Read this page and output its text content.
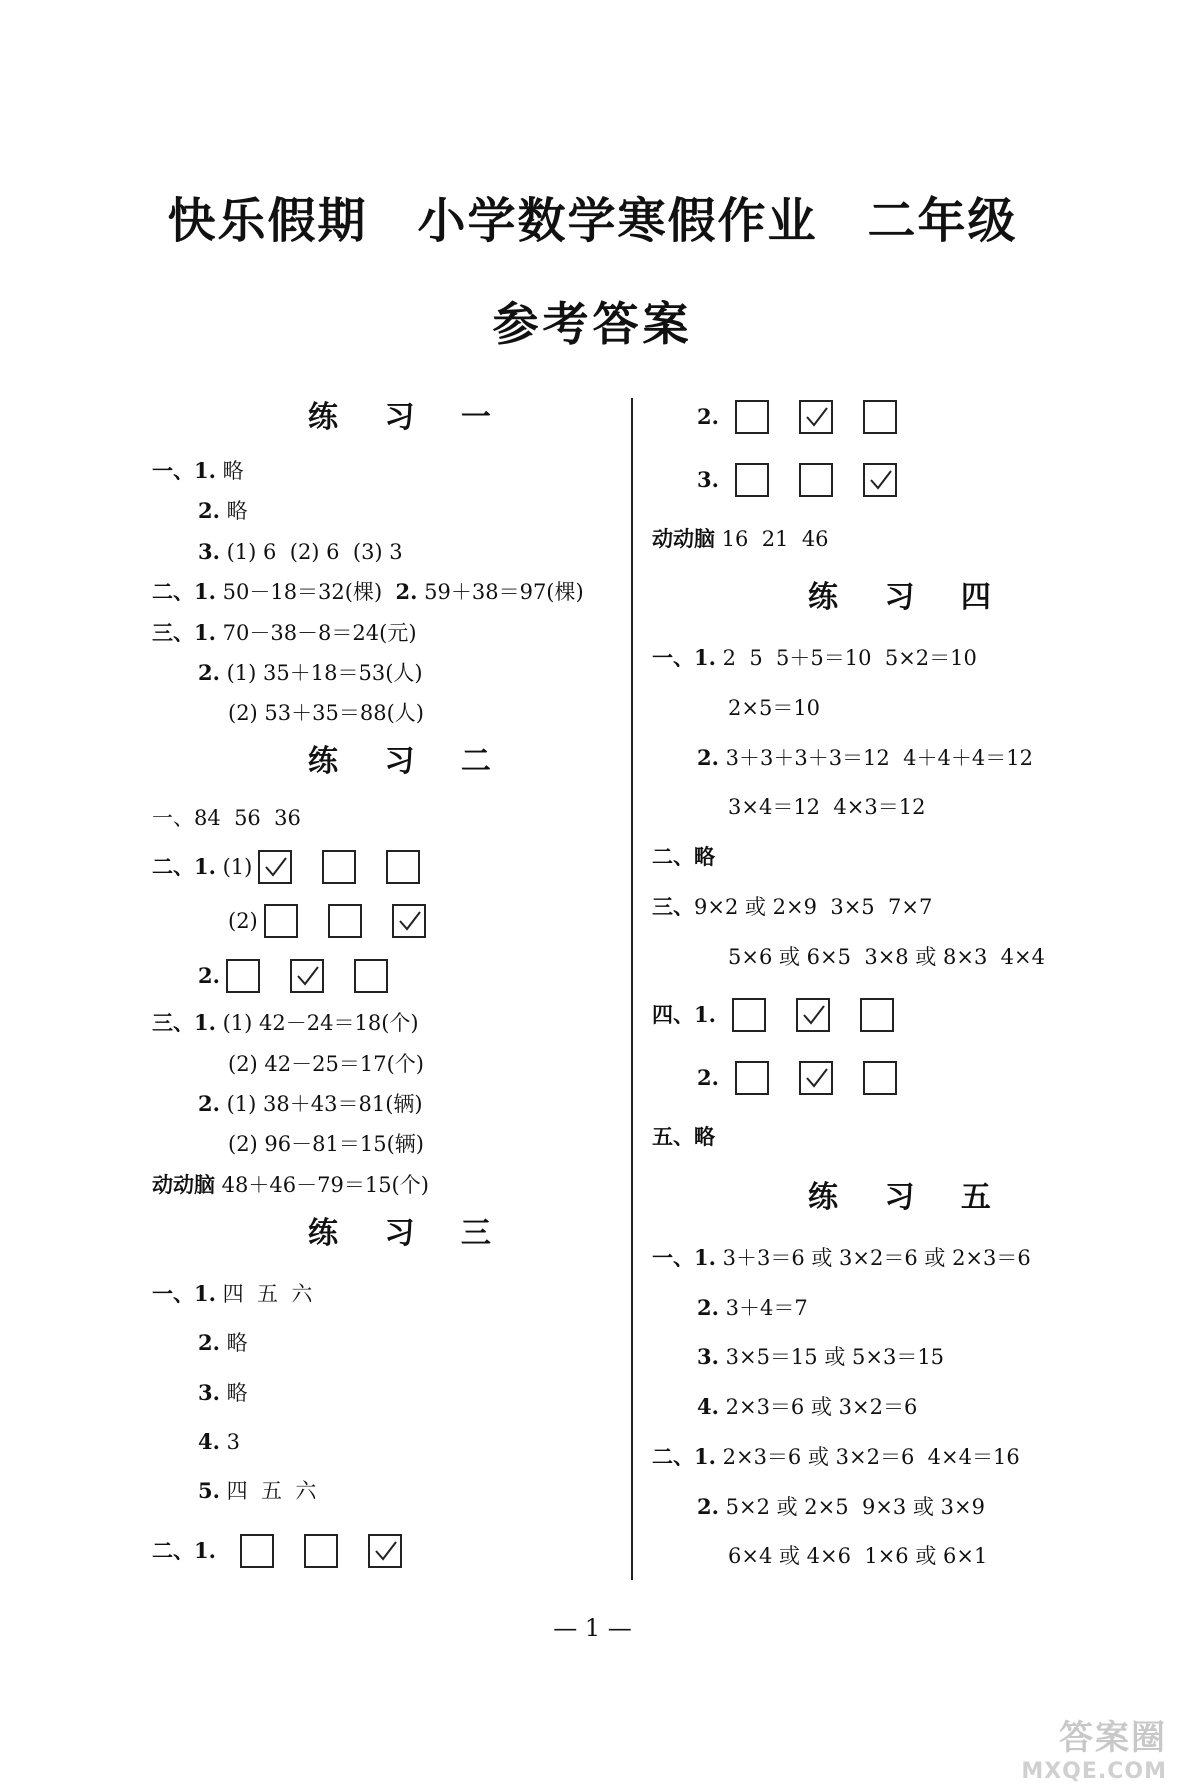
快乐假期　小学数学寒假作业　二年级
参考答案
练 习 一
一、1. 略
2. 略
3. (1) 6  (2) 6  (3) 3
二、1. 50－18＝32(棵)
2. 59＋38＝97(棵)
三、1. 70－38－8＝24(元)
2. (1) 35＋18＝53(人)
(2) 53＋35＝88(人)
练 习 二
一、84  56  36
二、1. (1)
(2)
2.
三、1. (1) 42－24＝18(个)
(2) 42－25＝17(个)
2. (1) 38＋43＝81(辆)
(2) 96－81＝15(辆)
动动脑 48＋46－79＝15(个)
练 习 三
一、1. 四  五  六
2. 略
3. 略
4. 3
5. 四  五  六
二、1.
2.
3.
动动脑 16  21  46
练 习 四
一、1. 2  5  5＋5＝10  5×2＝10
2×5＝10
2. 3＋3＋3＋3＝12  4＋4＋4＝12
3×4＝12  4×3＝12
二、略
三、 9×2 或 2×9  3×5  7×7
5×6 或 6×5  3×8 或 8×3  4×4
四、1.
2.
五、略
练 习 五
一、1. 3＋3＝6 或 3×2＝6 或 2×3＝6
2. 3＋4＝7
3. 3×5＝15 或 5×3＝15
4. 2×3＝6 或 3×2＝6
二、1. 2×3＝6 或 3×2＝6  4×4＝16
2. 5×2 或 2×5  9×3 或 3×9
6×4 或 4×6  1×6 或 6×1
— 1 —
答案圈
MXQE.COM
